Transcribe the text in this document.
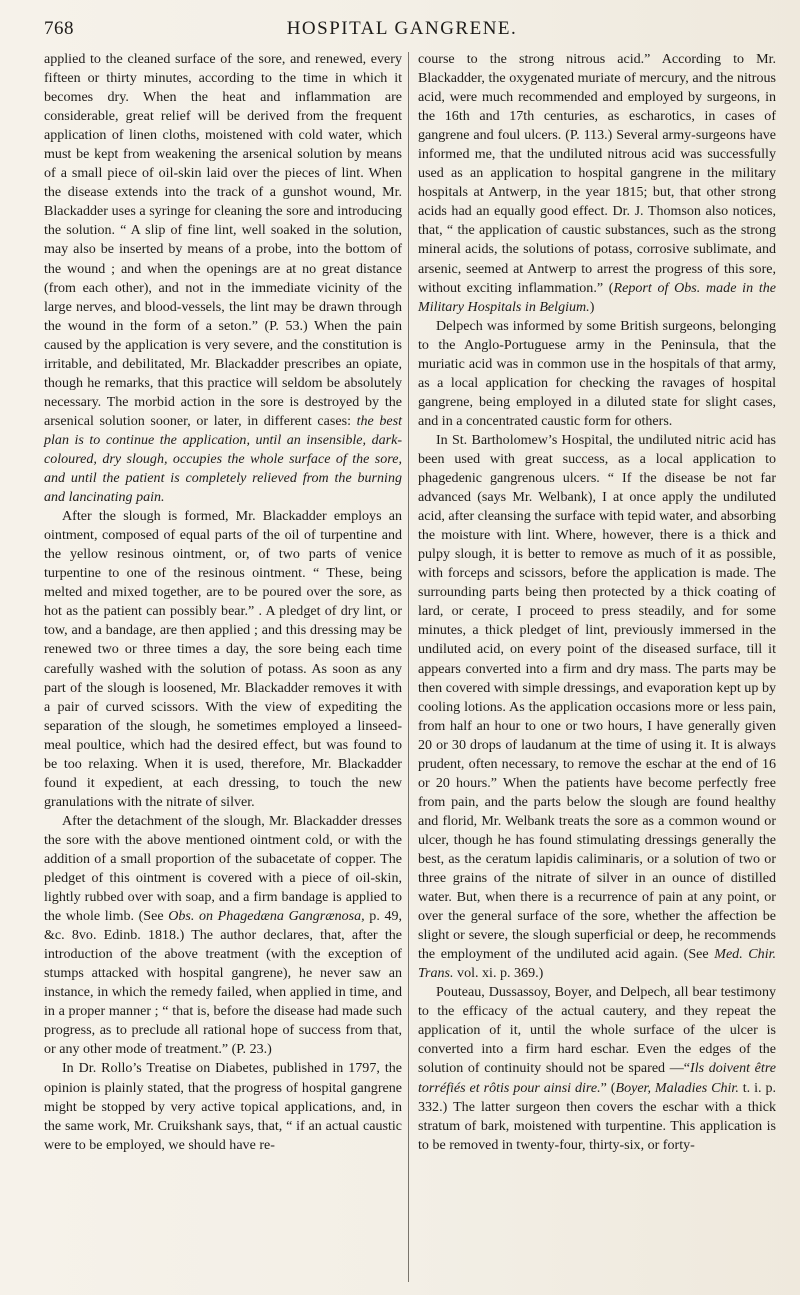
768	HOSPITAL GANGRENE.

applied to the cleaned surface of the sore, and renewed, every fifteen or thirty minutes, according to the time in which it becomes dry. When the heat and inflammation are considerable, great relief will be derived from the frequent application of linen cloths, moistened with cold water, which must be kept from weakening the arsenical solution by means of a small piece of oil-skin laid over the pieces of lint. When the disease extends into the track of a gunshot wound, Mr. Blackadder uses a syringe for cleaning the sore and introducing the solution. “ A slip of fine lint, well soaked in the solution, may also be inserted by means of a probe, into the bottom of the wound ; and when the openings are at no great distance (from each other), and not in the immediate vicinity of the large nerves, and blood-vessels, the lint may be drawn through the wound in the form of a seton.” (P. 53.) When the pain caused by the application is very severe, and the constitution is irritable, and debilitated, Mr. Blackadder prescribes an opiate, though he remarks, that this practice will seldom be absolutely necessary. The morbid action in the sore is destroyed by the arsenical solution sooner, or later, in different cases: the best plan is to continue the application, until an insensible, dark-coloured, dry slough, occupies the whole surface of the sore, and until the patient is completely relieved from the burning and lancinating pain.

After the slough is formed, Mr. Blackadder employs an ointment, composed of equal parts of the oil of turpentine and the yellow resinous ointment, or, of two parts of venice turpentine to one of the resinous ointment. “ These, being melted and mixed together, are to be poured over the sore, as hot as the patient can possibly bear.” . A pledget of dry lint, or tow, and a bandage, are then applied ; and this dressing may be renewed two or three times a day, the sore being each time carefully washed with the solution of potass. As soon as any part of the slough is loosened, Mr. Blackadder removes it with a pair of curved scissors. With the view of expediting the separation of the slough, he sometimes employed a linseed-meal poultice, which had the desired effect, but was found to be too relaxing. When it is used, therefore, Mr. Blackadder found it expedient, at each dressing, to touch the new granulations with the nitrate of silver.

After the detachment of the slough, Mr. Blackadder dresses the sore with the above mentioned ointment cold, or with the addition of a small proportion of the subacetate of copper. The pledget of this ointment is covered with a piece of oil-skin, lightly rubbed over with soap, and a firm bandage is applied to the whole limb. (See Obs. on Phagedæna Gangrænosa, p. 49, &c. 8vo. Edinb. 1818.) The author declares, that, after the introduction of the above treatment (with the exception of stumps attacked with hospital gangrene), he never saw an instance, in which the remedy failed, when applied in time, and in a proper manner ; “ that is, before the disease had made such progress, as to preclude all rational hope of success from that, or any other mode of treatment.” (P. 23.)

In Dr. Rollo’s Treatise on Diabetes, published in 1797, the opinion is plainly stated, that the progress of hospital gangrene might be stopped by very active topical applications, and, in the same work, Mr. Cruikshank says, that, “ if an actual caustic were to be employed, we should have re-

course to the strong nitrous acid.” According to Mr. Blackadder, the oxygenated muriate of mercury, and the nitrous acid, were much recommended and employed by surgeons, in the 16th and 17th centuries, as escharotics, in cases of gangrene and foul ulcers. (P. 113.) Several army-surgeons have informed me, that the undiluted nitrous acid was successfully used as an application to hospital gangrene in the military hospitals at Antwerp, in the year 1815; but, that other strong acids had an equally good effect. Dr. J. Thomson also notices, that, “ the application of caustic substances, such as the strong mineral acids, the solutions of potass, corrosive sublimate, and arsenic, seemed at Antwerp to arrest the progress of this sore, without exciting inflammation.” (Report of Obs. made in the Military Hospitals in Belgium.)

Delpech was informed by some British surgeons, belonging to the Anglo-Portuguese army in the Peninsula, that the muriatic acid was in common use in the hospitals of that army, as a local application for checking the ravages of hospital gangrene, being employed in a diluted state for slight cases, and in a concentrated caustic form for others.

In St. Bartholomew’s Hospital, the undiluted nitric acid has been used with great success, as a local application to phagedenic gangrenous ulcers. “ If the disease be not far advanced (says Mr. Welbank), I at once apply the undiluted acid, after cleansing the surface with tepid water, and absorbing the moisture with lint. Where, however, there is a thick and pulpy slough, it is better to remove as much of it as possible, with forceps and scissors, before the application is made. The surrounding parts being then protected by a thick coating of lard, or cerate, I proceed to press steadily, and for some minutes, a thick pledget of lint, previously immersed in the undiluted acid, on every point of the diseased surface, till it appears converted into a firm and dry mass. The parts may be then covered with simple dressings, and evaporation kept up by cooling lotions. As the application occasions more or less pain, from half an hour to one or two hours, I have generally given 20 or 30 drops of laudanum at the time of using it. It is always prudent, often necessary, to remove the eschar at the end of 16 or 20 hours.” When the patients have become perfectly free from pain, and the parts below the slough are found healthy and florid, Mr. Welbank treats the sore as a common wound or ulcer, though he has found stimulating dressings generally the best, as the ceratum lapidis caliminaris, or a solution of two or three grains of the nitrate of silver in an ounce of distilled water. But, when there is a recurrence of pain at any point, or over the general surface of the sore, whether the affection be slight or severe, the slough superficial or deep, he recommends the employment of the undiluted acid again. (See Med. Chir. Trans. vol. xi. p. 369.)

Pouteau, Dussassoy, Boyer, and Delpech, all bear testimony to the efficacy of the actual cautery, and they repeat the application of it, until the whole surface of the ulcer is converted into a firm hard eschar. Even the edges of the solution of continuity should not be spared —“Ils doivent être torréfiés et rôtis pour ainsi dire.” (Boyer, Maladies Chir. t. i. p. 332.) The latter surgeon then covers the eschar with a thick stratum of bark, moistened with turpentine. This application is to be removed in twenty-four, thirty-six, or forty-
